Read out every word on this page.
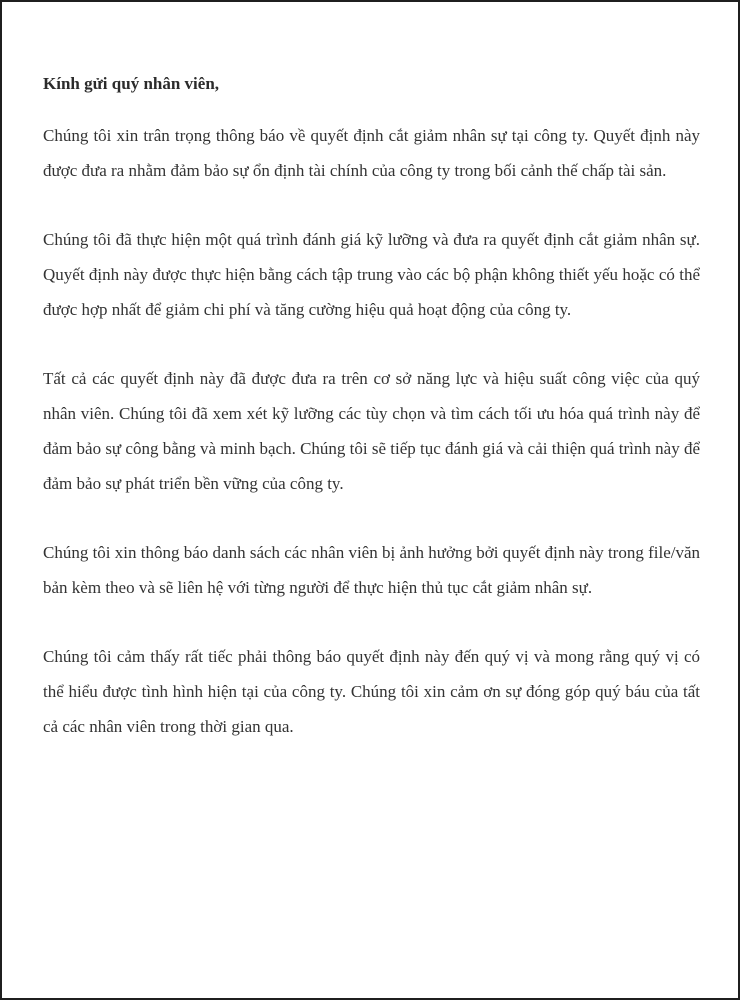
Kính gửi quý nhân viên,

Chúng tôi xin trân trọng thông báo về quyết định cắt giảm nhân sự tại công ty. Quyết định này được đưa ra nhằm đảm bảo sự ổn định tài chính của công ty trong bối cảnh thế chấp tài sản.

Chúng tôi đã thực hiện một quá trình đánh giá kỹ lưỡng và đưa ra quyết định cắt giảm nhân sự. Quyết định này được thực hiện bằng cách tập trung vào các bộ phận không thiết yếu hoặc có thể được hợp nhất để giảm chi phí và tăng cường hiệu quả hoạt động của công ty.

Tất cả các quyết định này đã được đưa ra trên cơ sở năng lực và hiệu suất công việc của quý nhân viên. Chúng tôi đã xem xét kỹ lưỡng các tùy chọn và tìm cách tối ưu hóa quá trình này để đảm bảo sự công bằng và minh bạch. Chúng tôi sẽ tiếp tục đánh giá và cải thiện quá trình này để đảm bảo sự phát triển bền vững của công ty.

Chúng tôi xin thông báo danh sách các nhân viên bị ảnh hưởng bởi quyết định này trong file/văn bản kèm theo và sẽ liên hệ với từng người để thực hiện thủ tục cắt giảm nhân sự.

Chúng tôi cảm thấy rất tiếc phải thông báo quyết định này đến quý vị và mong rằng quý vị có thể hiểu được tình hình hiện tại của công ty. Chúng tôi xin cảm ơn sự đóng góp quý báu của tất cả các nhân viên trong thời gian qua.
